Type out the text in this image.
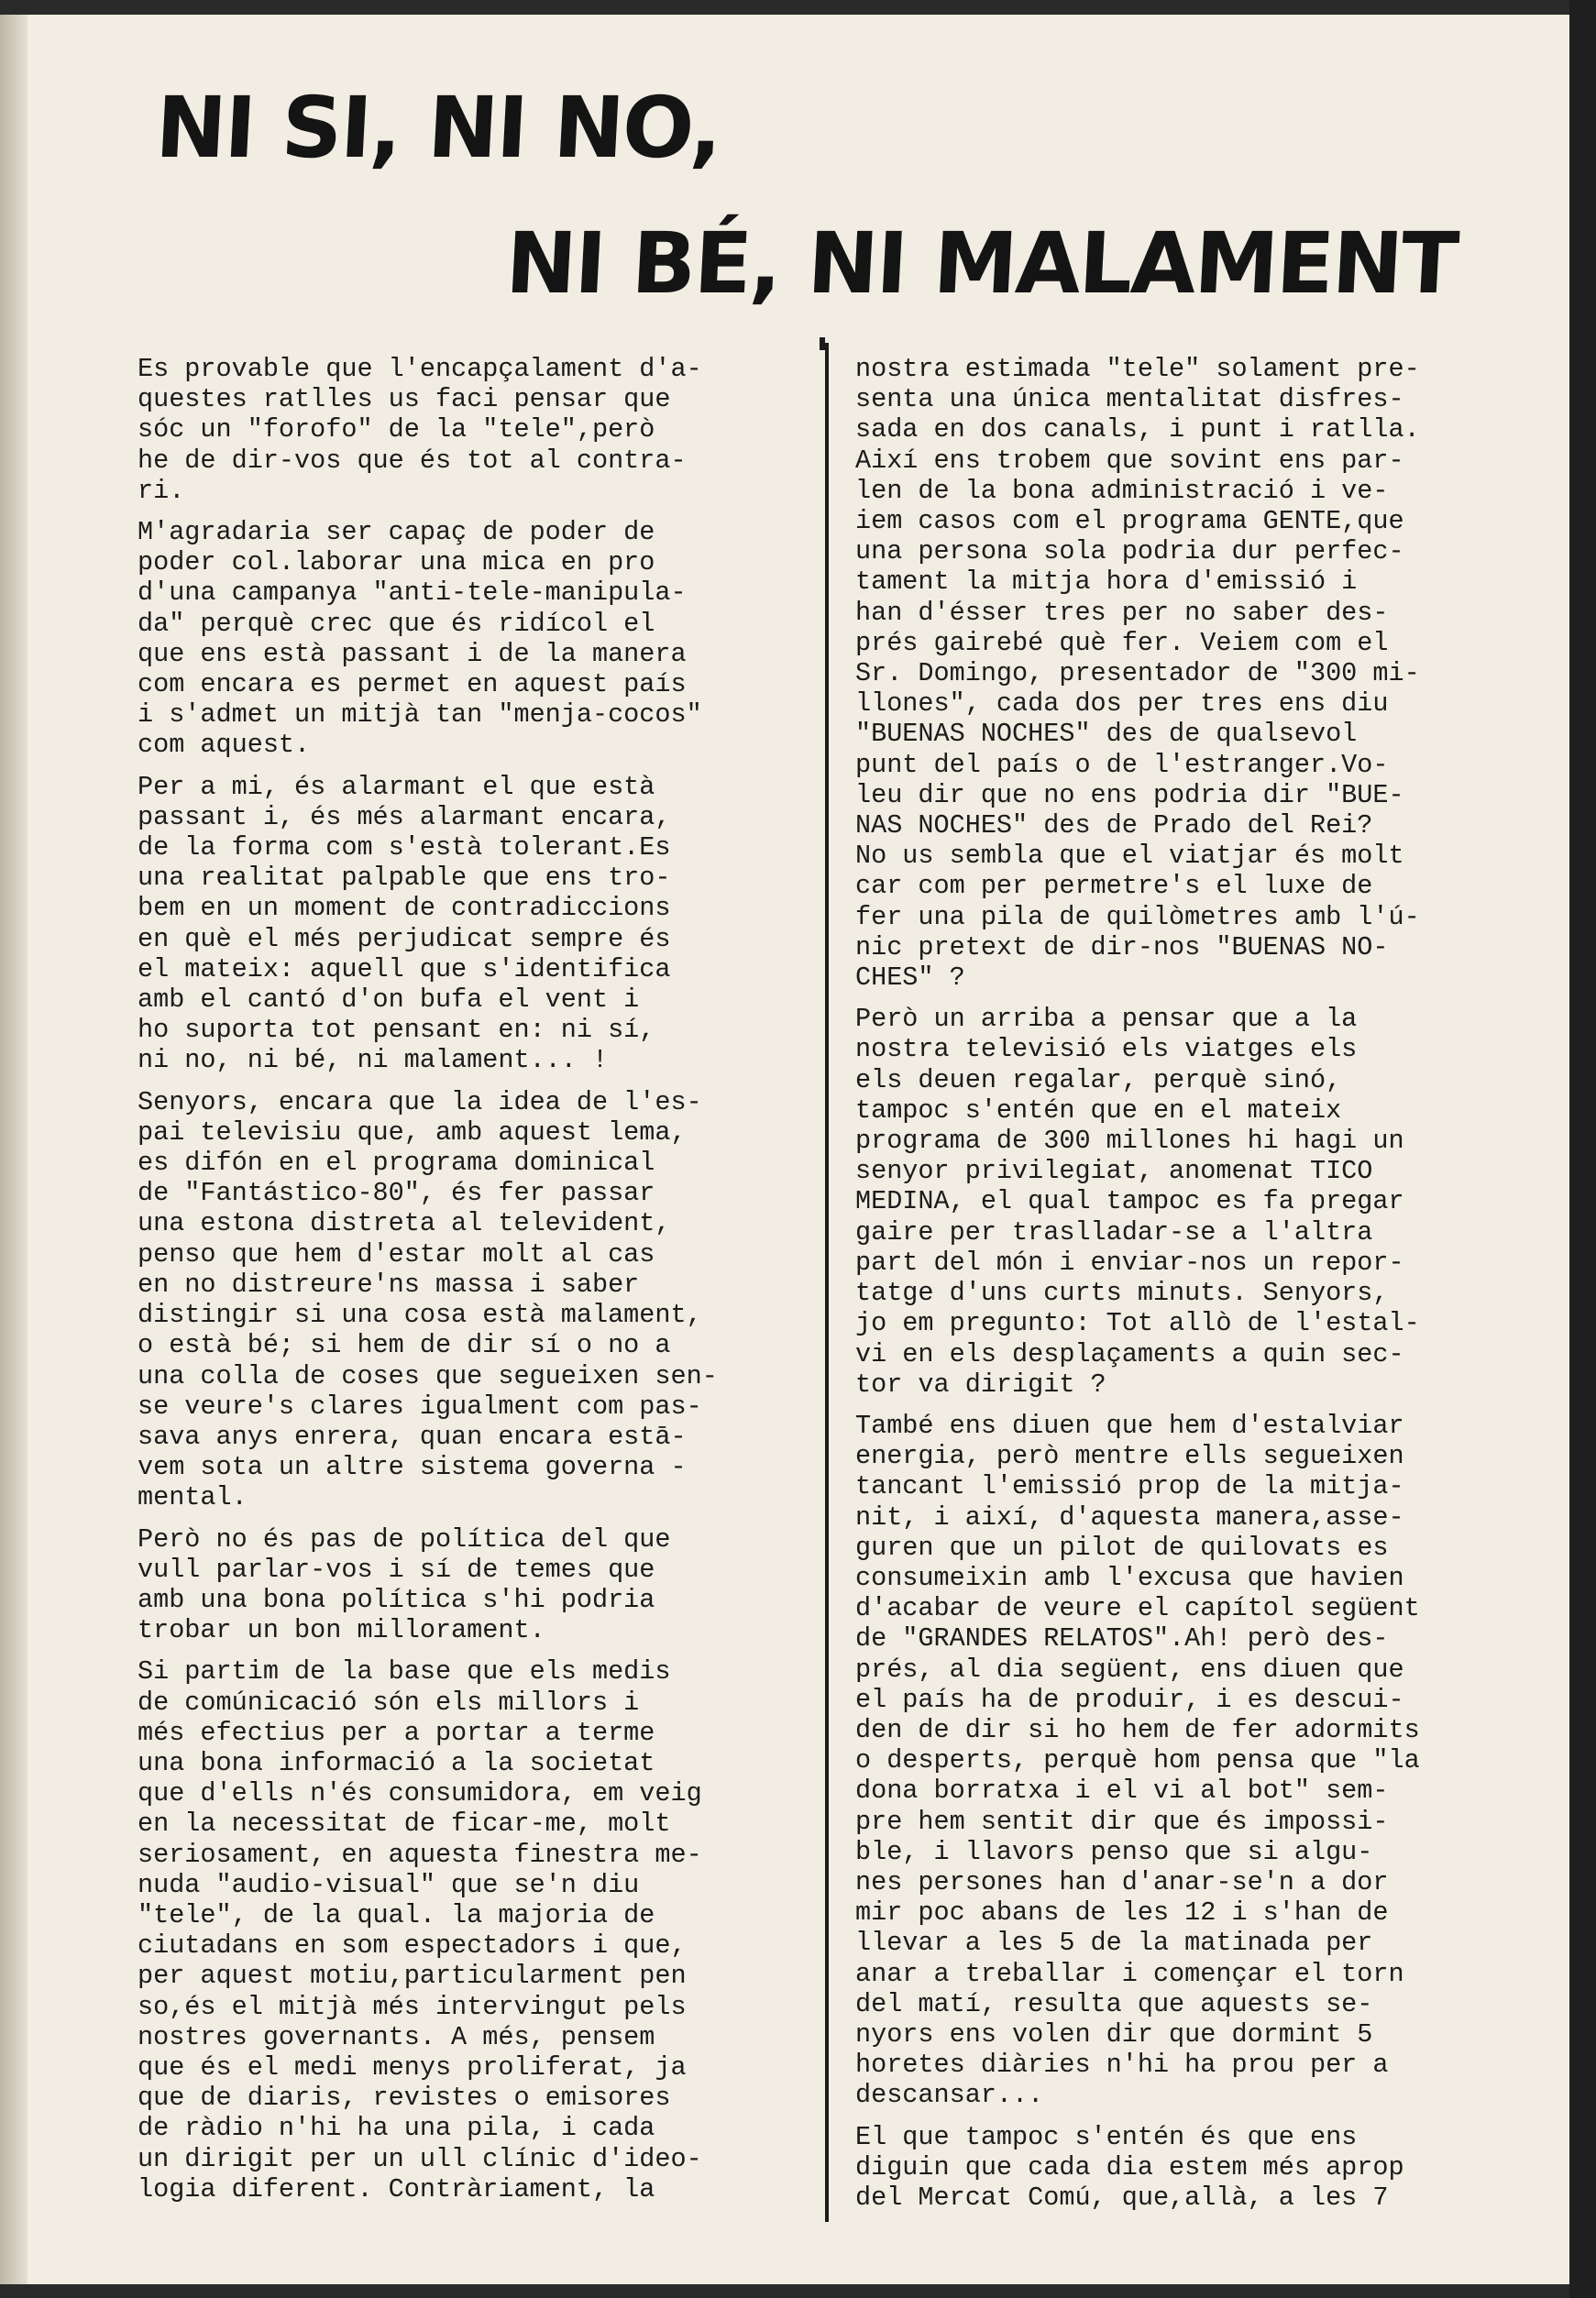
NI SI, NI NO,
NI BÉ, NI MALAMENT

Es provable que l'encapçalament d'a-
questes ratlles us faci pensar que
sóc un "forofo" de la "tele",però
he de dir-vos que és tot al contra-
ri.

M'agradaria ser capaç de poder de
poder col.laborar una mica en pro
d'una campanya "anti-tele-manipula-
da" perquè crec que és ridícol el
que ens està passant i de la manera
com encara es permet en aquest país
i s'admet un mitjà tan "menja-cocos"
com aquest.

Per a mi, és alarmant el que està
passant i, és més alarmant encara,
de la forma com s'està tolerant.Es
una realitat palpable que ens tro-
bem en un moment de contradiccions
en què el més perjudicat sempre és
el mateix: aquell que s'identifica
amb el cantó d'on bufa el vent i
ho suporta tot pensant en: ni sí,
ni no, ni bé, ni malament... !

Senyors, encara que la idea de l'es-
pai televisiu que, amb aquest lema,
es difón en el programa dominical
de "Fantástico-80", és fer passar
una estona distreta al televident,
penso que hem d'estar molt al cas
en no distreure'ns massa i saber
distingir si una cosa està malament,
o està bé; si hem de dir sí o no a
una colla de coses que segueixen sen-
se veure's clares igualment com pas-
sava anys enrera, quan encara estā-
vem sota un altre sistema governa -
mental.

Però no és pas de política del que
vull parlar-vos i sí de temes que
amb una bona política s'hi podria
trobar un bon millorament.

Si partim de la base que els medis
de comúnicació són els millors i
més efectius per a portar a terme
una bona informació a la societat
que d'ells n'és consumidora, em veig
en la necessitat de ficar-me, molt
seriosament, en aquesta finestra me-
nuda "audio-visual" que se'n diu
"tele", de la qual. la majoria de
ciutadans en som espectadors i que,
per aquest motiu,particularment pen
so,és el mitjà més intervingut pels
nostres governants. A més, pensem
que és el medi menys proliferat, ja
que de diaris, revistes o emisores
de ràdio n'hi ha una pila, i cada
un dirigit per un ull clínic d'ideo-
logia diferent. Contràriament, la

nostra estimada "tele" solament pre-
senta una única mentalitat disfres-
sada en dos canals, i punt i ratlla.
Així ens trobem que sovint ens par-
len de la bona administració i ve-
iem casos com el programa GENTE,que
una persona sola podria dur perfec-
tament la mitja hora d'emissió i
han d'ésser tres per no saber des-
prés gairebé què fer. Veiem com el
Sr. Domingo, presentador de "300 mi-
llones", cada dos per tres ens diu
"BUENAS NOCHES" des de qualsevol
punt del país o de l'estranger.Vo-
leu dir que no ens podria dir "BUE-
NAS NOCHES" des de Prado del Rei?
No us sembla que el viatjar és molt
car com per permetre's el luxe de
fer una pila de quilòmetres amb l'ú-
nic pretext de dir-nos "BUENAS NO-
CHES" ?

Però un arriba a pensar que a la
nostra televisió els viatges els
els deuen regalar, perquè sinó,
tampoc s'entén que en el mateix
programa de 300 millones hi hagi un
senyor privilegiat, anomenat TICO
MEDINA, el qual tampoc es fa pregar
gaire per traslladar-se a l'altra
part del món i enviar-nos un repor-
tatge d'uns curts minuts. Senyors,
jo em pregunto: Tot allò de l'estal-
vi en els desplaçaments a quin sec-
tor va dirigit ?

També ens diuen que hem d'estalviar
energia, però mentre ells segueixen
tancant l'emissió prop de la mitja-
nit, i així, d'aquesta manera,asse-
guren que un pilot de quilovats es
consumeixin amb l'excusa que havien
d'acabar de veure el capítol següent
de "GRANDES RELATOS".Ah! però des-
prés, al dia següent, ens diuen que
el país ha de produir, i es descui-
den de dir si ho hem de fer adormits
o desperts, perquè hom pensa que "la
dona borratxa i el vi al bot" sem-
pre hem sentit dir que és impossi-
ble, i llavors penso que si algu-
nes persones han d'anar-se'n a dor
mir poc abans de les 12 i s'han de
llevar a les 5 de la matinada per
anar a treballar i començar el torn
del matí, resulta que aquests se-
nyors ens volen dir que dormint 5
horetes diàries n'hi ha prou per a
descansar...

El que tampoc s'entén és que ens
diguin que cada dia estem més aprop
del Mercat Comú, que,allà, a les 7
